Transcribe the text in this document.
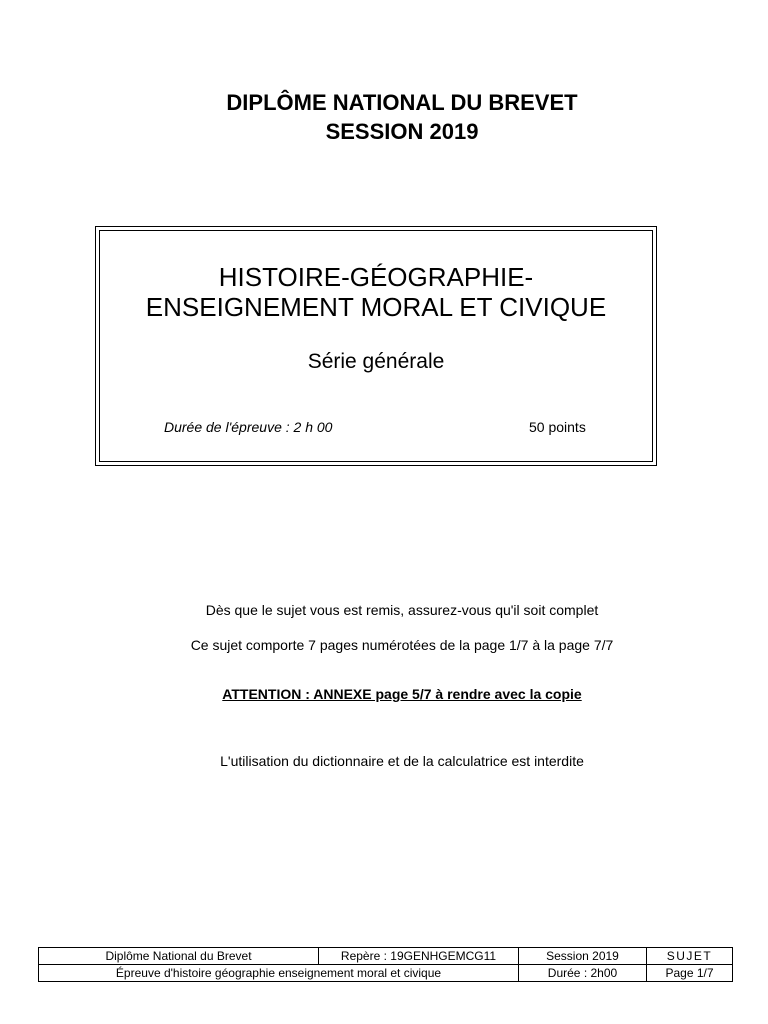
DIPLÔME NATIONAL DU BREVET
SESSION 2019
HISTOIRE-GÉOGRAPHIE-
ENSEIGNEMENT MORAL ET CIVIQUE
Série générale
Durée de l'épreuve : 2 h 00	50 points
Dès que le sujet vous est remis, assurez-vous qu'il soit complet
Ce sujet comporte 7 pages numérotées de la page 1/7 à la page 7/7
ATTENTION : ANNEXE page 5/7 à rendre avec la copie
L'utilisation du dictionnaire et de la calculatrice est interdite
Diplôme National du Brevet	Repère : 19GENHGEMCG11	Session 2019	SUJET
Épreuve d'histoire géographie enseignement moral et civique		Durée : 2h00	Page 1/7
